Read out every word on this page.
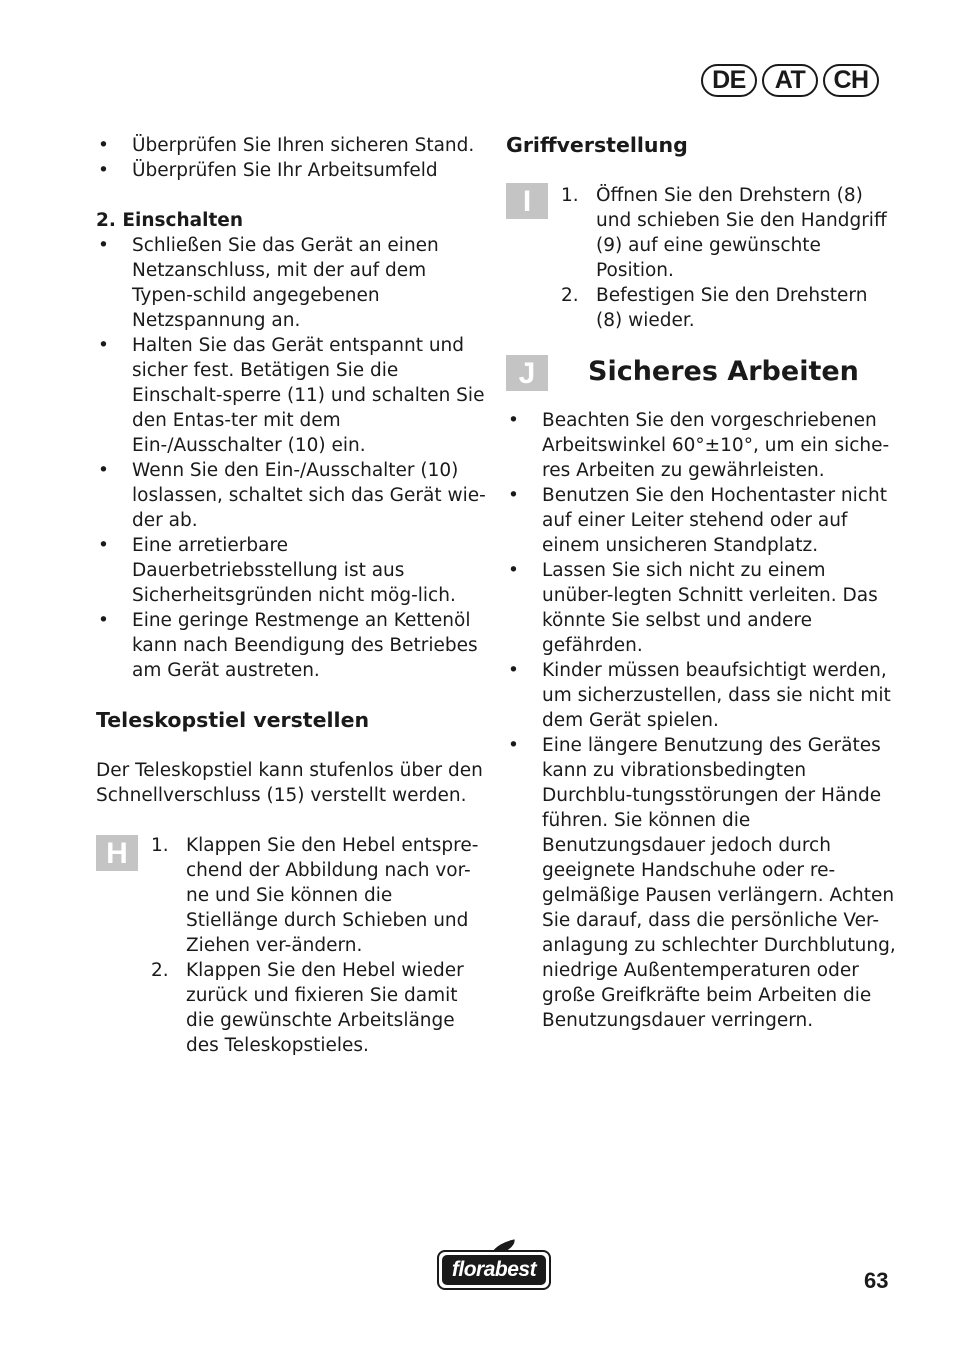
DE	AT	CH
• Überprüfen Sie Ihren sicheren Stand.
• Überprüfen Sie Ihr Arbeitsumfeld
2. Einschalten
• Schließen Sie das Gerät an einen Netzanschluss, mit der auf dem Typen-schild angegebenen Netzspannung an.
• Halten Sie das Gerät entspannt und sicher fest. Betätigen Sie die Einschalt-sperre (11) und schalten Sie den Entas-ter mit dem Ein-/Ausschalter (10) ein.
• Wenn Sie den Ein-/Ausschalter (10) loslassen, schaltet sich das Gerät wie-der ab.
• Eine arretierbare Dauerbetriebsstellung ist aus Sicherheitsgründen nicht mög-lich.
• Eine geringe Restmenge an Kettenöl kann nach Beendigung des Betriebes am Gerät austreten.
Teleskopstiel verstellen

Der Teleskopstiel kann stufenlos über den Schnellverschluss (15) verstellt werden.

H	1. Klappen Sie den Hebel entspre-chend der Abbildung nach vor-ne und Sie können die Stiellänge durch Schieben und Ziehen ver-ändern.
2. Klappen Sie den Hebel wieder zurück und fixieren Sie damit die gewünschte Arbeitslänge des Teleskopstieles.
Griffverstellung
I	1. Öffnen Sie den Drehstern (8) und schieben Sie den Handgriff (9) auf eine gewünschte Position.
2. Befestigen Sie den Drehstern (8) wieder.
J	Sicheres Arbeiten
• Beachten Sie den vorgeschriebenen Arbeitswinkel 60°±10°, um ein siche-res Arbeiten zu gewährleisten.
• Benutzen Sie den Hochentaster nicht auf einer Leiter stehend oder auf einem unsicheren Standplatz.
• Lassen Sie sich nicht zu einem unüber-legten Schnitt verleiten. Das könnte Sie selbst und andere gefährden.
• Kinder müssen beaufsichtigt werden, um sicherzustellen, dass sie nicht mit dem Gerät spielen.
• Eine längere Benutzung des Gerätes kann zu vibrationsbedingten Durchblu-tungsstörungen der Hände führen. Sie können die Benutzungsdauer jedoch durch geeignete Handschuhe oder re-gelmäßige Pausen verlängern. Achten Sie darauf, dass die persönliche Ver-anlagung zu schlechter Durchblutung, niedrige Außentemperaturen oder große Greifkräfte beim Arbeiten die Benutzungsdauer verringern.
florabest	63
